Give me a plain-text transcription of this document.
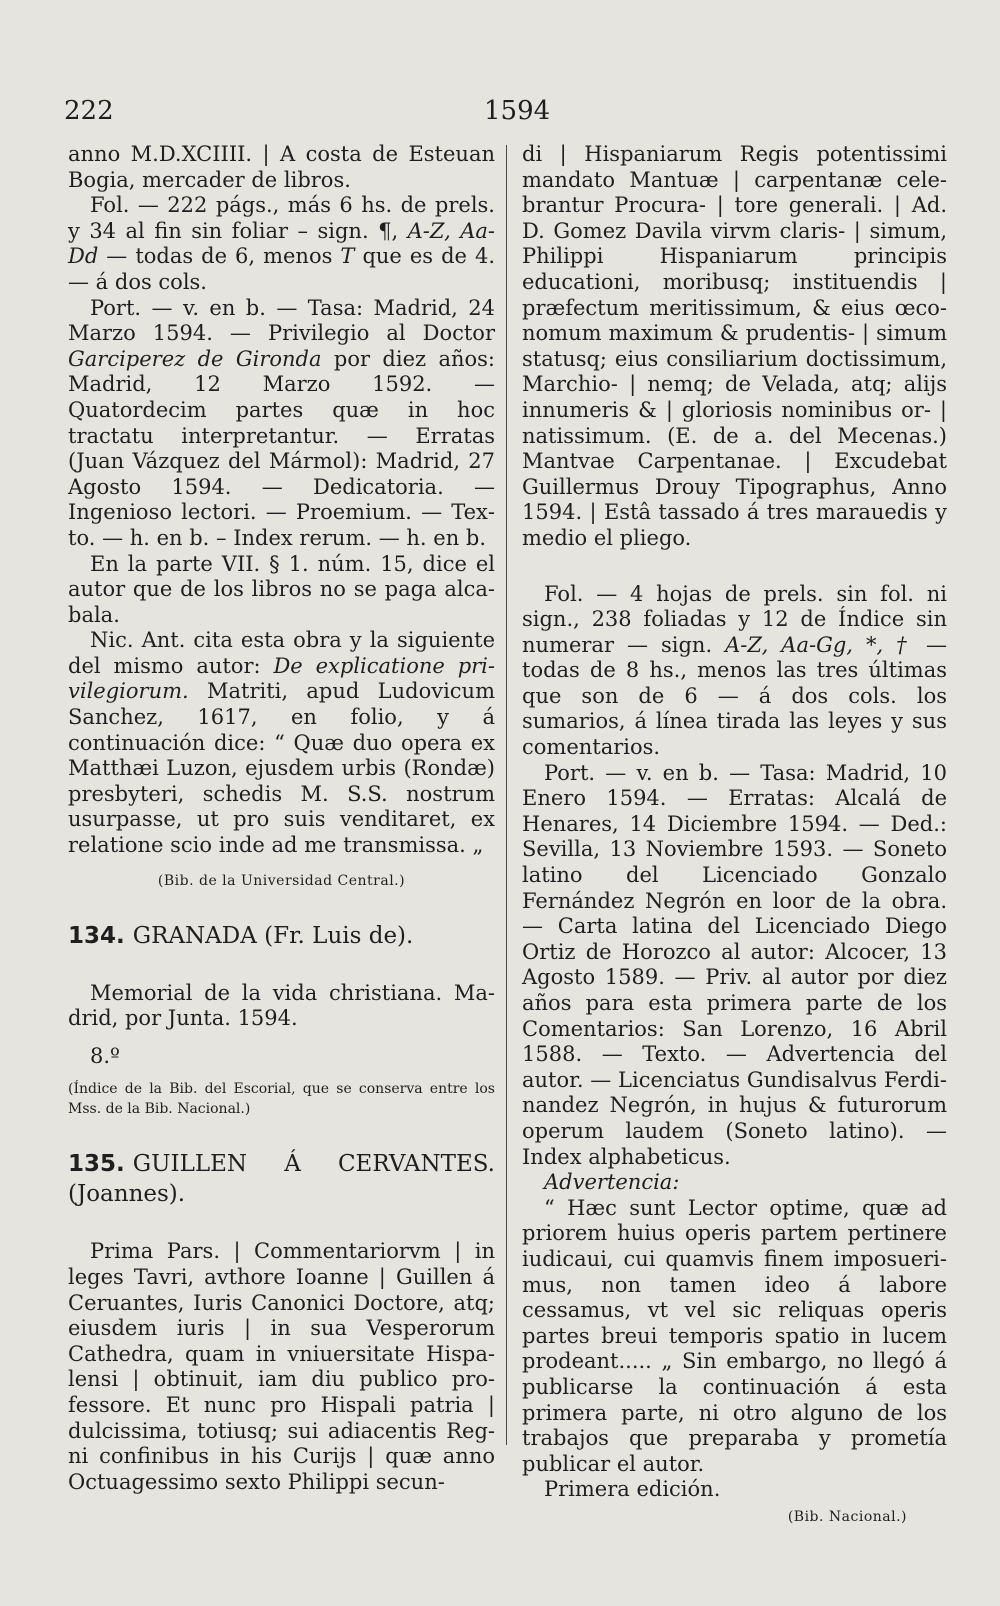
222	1594

anno M.D.XCIIII. | A costa de Esteuan Bogia, mercader de libros.

Fol. — 222 págs., más 6 hs. de prels. y 34 al fin sin foliar – sign. ¶, A-Z, Aa-Dd — todas de 6, menos T que es de 4. — á dos cols.

Port. — v. en b. — Tasa: Madrid, 24 Marzo 1594. — Privilegio al Doctor Garciperez de Gironda por diez años: Madrid, 12 Marzo 1592. — Quatordecim partes quæ in hoc tractatu interpretantur. — Erratas (Juan Vázquez del Mármol): Madrid, 27 Agosto 1594. — Dedicatoria. — Ingenioso lectori. — Proemium. — Texto. — h. en b. – Index rerum. — h. en b.

En la parte VII. § 1. núm. 15, dice el autor que de los libros no se paga alcabala.

Nic. Ant. cita esta obra y la siguiente del mismo autor: De explicatione privilegiorum. Matriti, apud Ludovicum Sanchez, 1617, en folio, y á continuación dice: “ Quæ duo opera ex Matthæi Luzon, ejusdem urbis (Rondæ) presbyteri, schedis M. S.S. nostrum usurpasse, ut pro suis venditaret, ex relatione scio inde ad me transmissa. „

(Bib. de la Universidad Central.)

134. GRANADA (Fr. Luis de).

Memorial de la vida christiana. Madrid, por Junta. 1594.

8.º

(Índice de la Bib. del Escorial, que se conserva entre los Mss. de la Bib. Nacional.)

135. GUILLEN Á CERVANTES. (Joannes).

Prima Pars. | Commentariorvm | in leges Tavri, avthore Ioanne | Guillen á Ceruantes, Iuris Canonici Doctore, atq; eiusdem iuris | in sua Vesperorum Cathedra, quam in vniuersitate Hispalensi | obtinuit, iam diu publico professore. Et nunc pro Hispali patria | dulcissima, totiusq; sui adiacentis Regni confinibus in his Curijs | quæ anno Octuagessimo sexto Philippi secun-

di | Hispaniarum Regis potentissimi mandato Mantuæ | carpentanæ celebrantur Procura- | tore generali. | Ad. D. Gomez Davila virvm claris- | simum, Philippi Hispaniarum principis educationi, moribusq; instituendis | præfectum meritissimum, & eius œconomum maximum & prudentis- | simum statusq; eius consiliarium doctissimum, Marchio- | nemq; de Velada, atq; alijs innumeris & | gloriosis nominibus or- | natissimum. (E. de a. del Mecenas.) Mantvae Carpentanae. | Excudebat Guillermus Drouy Tipographus, Anno 1594. | Estâ tassado á tres marauedis y medio el pliego.

Fol. — 4 hojas de prels. sin fol. ni sign., 238 foliadas y 12 de Índice sin numerar — sign. A-Z, Aa-Gg, *, † — todas de 8 hs., menos las tres últimas que son de 6 — á dos cols. los sumarios, á línea tirada las leyes y sus comentarios.

Port. — v. en b. — Tasa: Madrid, 10 Enero 1594. — Erratas: Alcalá de Henares, 14 Diciembre 1594. — Ded.: Sevilla, 13 Noviembre 1593. — Soneto latino del Licenciado Gonzalo Fernández Negrón en loor de la obra. — Carta latina del Licenciado Diego Ortiz de Horozco al autor: Alcocer, 13 Agosto 1589. — Priv. al autor por diez años para esta primera parte de los Comentarios: San Lorenzo, 16 Abril 1588. — Texto. — Advertencia del autor. — Licenciatus Gundisalvus Ferdinandez Negrón, in hujus & futurorum operum laudem (Soneto latino). — Index alphabeticus.

Advertencia:

“ Hæc sunt Lector optime, quæ ad priorem huius operis partem pertinere iudicaui, cui quamvis finem imposuerimus, non tamen ideo á labore cessamus, vt vel sic reliquas operis partes breui temporis spatio in lucem prodeant..... „ Sin embargo, no llegó á publicarse la continuación á esta primera parte, ni otro alguno de los trabajos que preparaba y prometía publicar el autor.

Primera edición.

(Bib. Nacional.)
